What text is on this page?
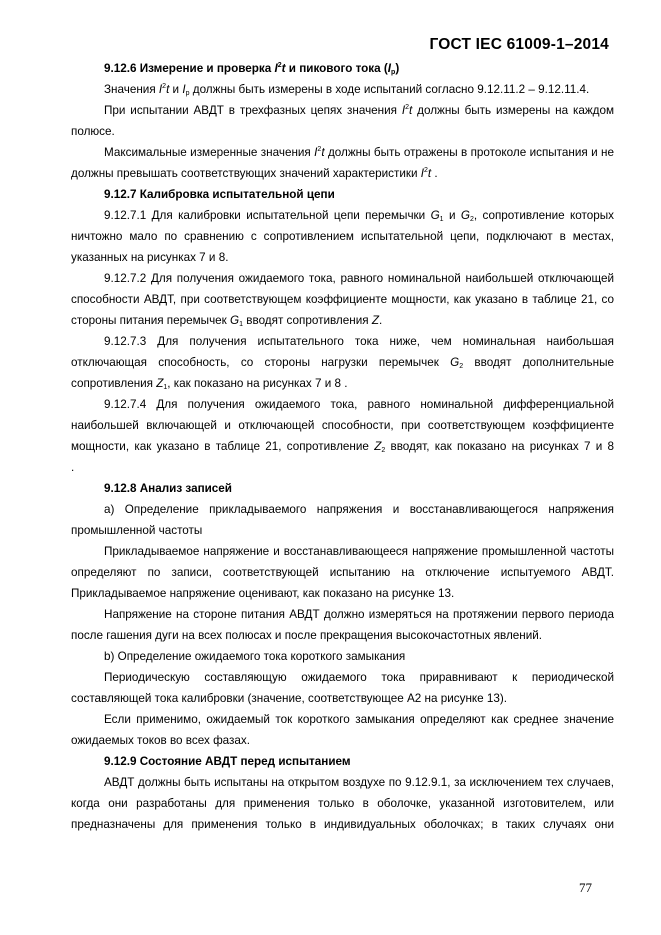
ГОСТ IEC 61009-1–2014

9.12.6 Измерение и проверка $I^2t$ и пикового тока $(I_p)$

Значения $I^2t$ и $I_p$ должны быть измерены в ходе испытаний согласно 9.12.11.2 – 9.12.11.4.

При испытании АВДТ в трехфазных цепях значения $I^2t$ должны быть измерены на каждом полюсе.

Максимальные измеренные значения $I^2t$ должны быть отражены в протоколе испытания и не должны превышать соответствующих значений характеристики $I^2t$ .

9.12.7 Калибровка испытательной цепи

9.12.7.1 Для калибровки испытательной цепи перемычки $G_1$ и $G_2$, сопротивление которых ничтожно мало по сравнению с сопротивлением испытательной цепи, подключают в местах, указанных на рисунках 7 и 8.

9.12.7.2 Для получения ожидаемого тока, равного номинальной наибольшей отключающей способности АВДТ, при соответствующем коэффициенте мощности, как указано в таблице 21, со стороны питания перемычек $G_1$ вводят сопротивления Z.

9.12.7.3 Для получения испытательного тока ниже, чем номинальная наибольшая отключающая способность, со стороны нагрузки перемычек $G_2$ вводят дополнительные сопротивления $Z_1$, как показано на рисунках 7 и 8 .

9.12.7.4 Для получения ожидаемого тока, равного номинальной дифференциальной наибольшей включающей и отключающей способности, при соответствующем коэффициенте мощности, как указано в таблице 21, сопротивление $Z_2$ вводят, как показано на рисунках 7 и 8

.

9.12.8 Анализ записей

a) Определение прикладываемого напряжения и восстанавливающегося напряжения промышленной частоты

Прикладываемое напряжение и восстанавливающееся напряжение промышленной частоты определяют по записи, соответствующей испытанию на отключение испытуемого АВДТ. Прикладываемое напряжение оценивают, как показано на рисунке 13.

Напряжение на стороне питания АВДТ должно измеряться на протяжении первого периода после гашения дуги на всех полюсах и после прекращения высокочастотных явлений.

b) Определение ожидаемого тока короткого замыкания

Периодическую составляющую ожидаемого тока приравнивают к периодической составляющей тока калибровки (значение, соответствующее A2 на рисунке 13).

Если применимо, ожидаемый ток короткого замыкания определяют как среднее значение ожидаемых токов во всех фазах.

9.12.9 Состояние АВДТ перед испытанием

АВДТ должны быть испытаны на открытом воздухе по 9.12.9.1, за исключением тех случаев, когда они разработаны для применения только в оболочке, указанной изготовителем, или предназначены для применения только в индивидуальных оболочках; в таких случаях они

77
